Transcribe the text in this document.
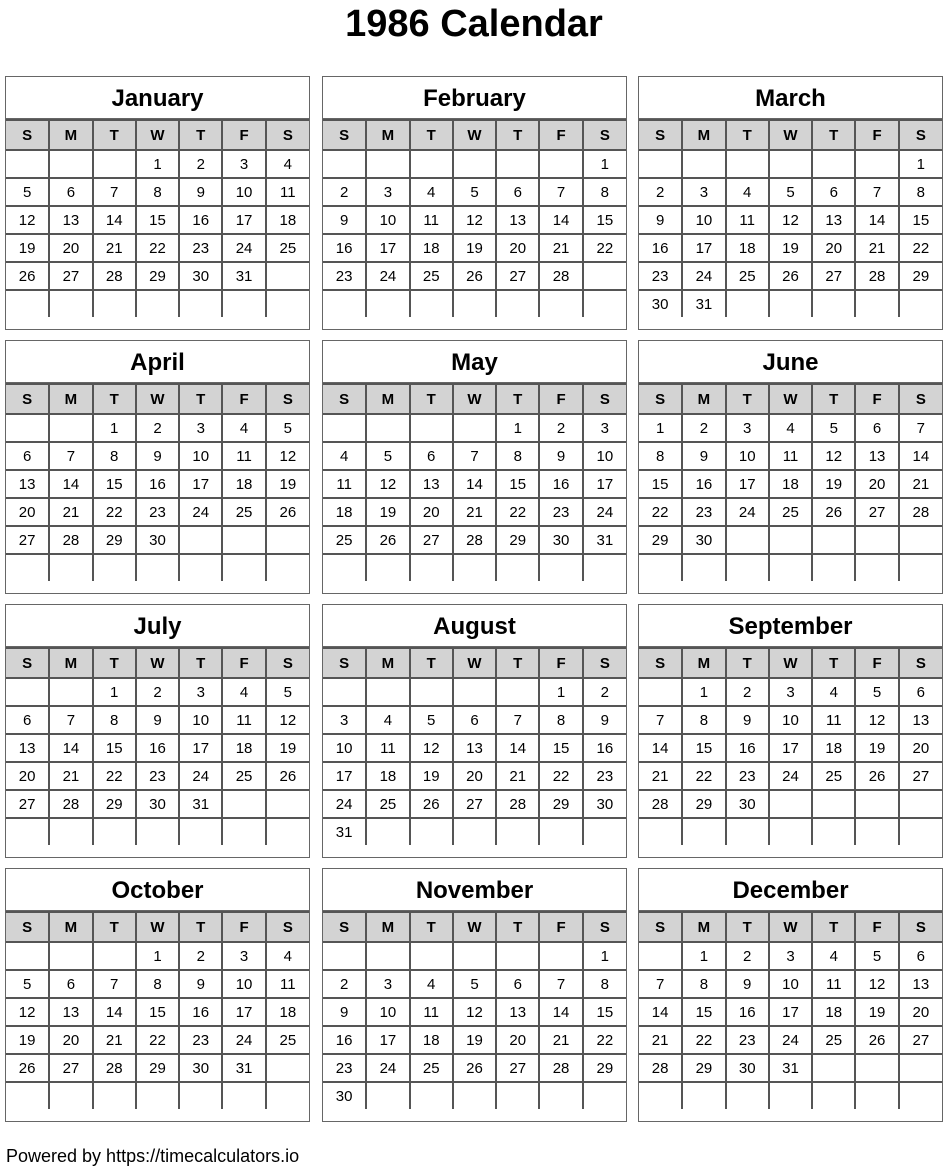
1986 Calendar
January
S	M	T	W	T	F	S
			1	2	3	4
5	6	7	8	9	10	11
12	13	14	15	16	17	18
19	20	21	22	23	24	25
26	27	28	29	30	31	

February
S	M	T	W	T	F	S
						1
2	3	4	5	6	7	8
9	10	11	12	13	14	15
16	17	18	19	20	21	22
23	24	25	26	27	28	

March
S	M	T	W	T	F	S
						1
2	3	4	5	6	7	8
9	10	11	12	13	14	15
16	17	18	19	20	21	22
23	24	25	26	27	28	29
30	31					
April
S	M	T	W	T	F	S
		1	2	3	4	5
6	7	8	9	10	11	12
13	14	15	16	17	18	19
20	21	22	23	24	25	26
27	28	29	30			

May
S	M	T	W	T	F	S
				1	2	3
4	5	6	7	8	9	10
11	12	13	14	15	16	17
18	19	20	21	22	23	24
25	26	27	28	29	30	31

June
S	M	T	W	T	F	S
1	2	3	4	5	6	7
8	9	10	11	12	13	14
15	16	17	18	19	20	21
22	23	24	25	26	27	28
29	30					

July
S	M	T	W	T	F	S
		1	2	3	4	5
6	7	8	9	10	11	12
13	14	15	16	17	18	19
20	21	22	23	24	25	26
27	28	29	30	31		

August
S	M	T	W	T	F	S
					1	2
3	4	5	6	7	8	9
10	11	12	13	14	15	16
17	18	19	20	21	22	23
24	25	26	27	28	29	30
31						
September
S	M	T	W	T	F	S
	1	2	3	4	5	6
7	8	9	10	11	12	13
14	15	16	17	18	19	20
21	22	23	24	25	26	27
28	29	30				

October
S	M	T	W	T	F	S
			1	2	3	4
5	6	7	8	9	10	11
12	13	14	15	16	17	18
19	20	21	22	23	24	25
26	27	28	29	30	31	

November
S	M	T	W	T	F	S
						1
2	3	4	5	6	7	8
9	10	11	12	13	14	15
16	17	18	19	20	21	22
23	24	25	26	27	28	29
30						
December
S	M	T	W	T	F	S
	1	2	3	4	5	6
7	8	9	10	11	12	13
14	15	16	17	18	19	20
21	22	23	24	25	26	27
28	29	30	31			

Powered by https://timecalculators.io
